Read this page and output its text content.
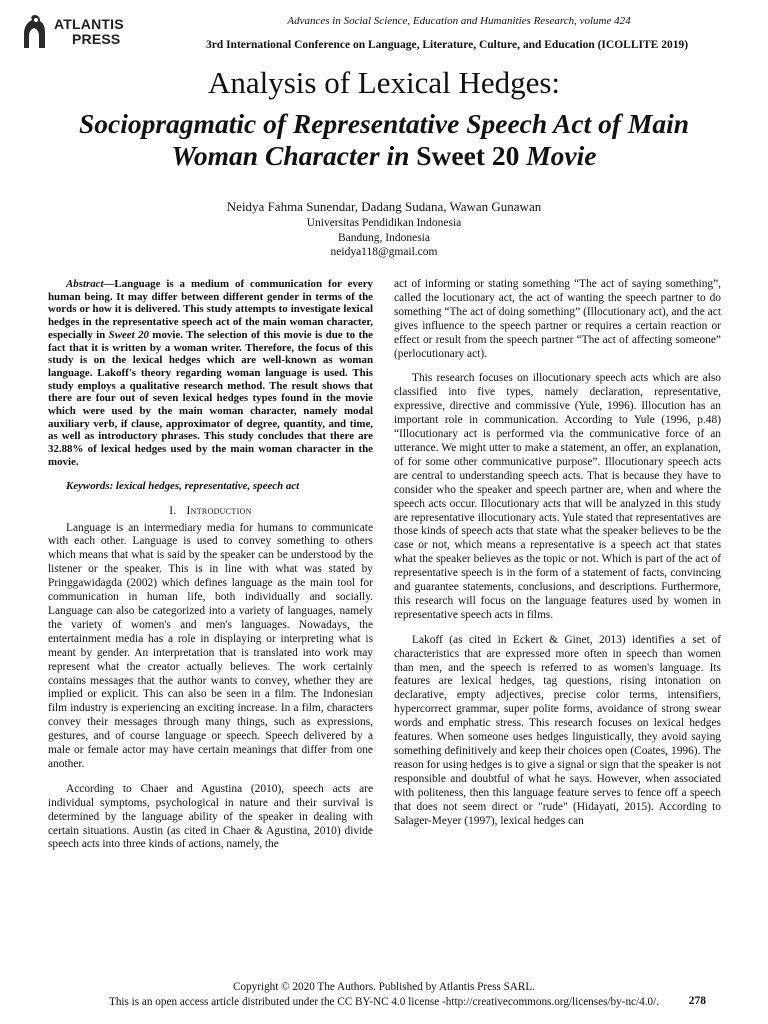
ATLANTIS
PRESS
Advances in Social Science, Education and Humanities Research, volume 424
3rd International Conference on Language, Literature, Culture, and Education (ICOLLITE 2019)
Analysis of Lexical Hedges:
Sociopragmatic of Representative Speech Act of Main Woman Character in Sweet 20 Movie
Neidya Fahma Sunendar, Dadang Sudana, Wawan Gunawan
Universitas Pendidikan Indonesia
Bandung, Indonesia
neidya118@gmail.com

Abstract—Language is a medium of communication for every human being. It may differ between different gender in terms of the words or how it is delivered. This study attempts to investigate lexical hedges in the representative speech act of the main woman character, especially in Sweet 20 movie. The selection of this movie is due to the fact that it is written by a woman writer. Therefore, the focus of this study is on the lexical hedges which are well-known as woman language. Lakoff's theory regarding woman language is used. This study employs a qualitative research method. The result shows that there are four out of seven lexical hedges types found in the movie which were used by the main woman character, namely modal auxiliary verb, if clause, approximator of degree, quantity, and time, as well as introductory phrases. This study concludes that there are 32.88% of lexical hedges used by the main woman character in the movie.

Keywords: lexical hedges, representative, speech act

I. Introduction

Language is an intermediary media for humans to communicate with each other. Language is used to convey something to others which means that what is said by the speaker can be understood by the listener or the speaker. This is in line with what was stated by Pringgawidagda (2002) which defines language as the main tool for communication in human life, both individually and socially. Language can also be categorized into a variety of languages, namely the variety of women's and men's languages. Nowadays, the entertainment media has a role in displaying or interpreting what is meant by gender. An interpretation that is translated into work may represent what the creator actually believes. The work certainly contains messages that the author wants to convey, whether they are implied or explicit. This can also be seen in a film. The Indonesian film industry is experiencing an exciting increase. In a film, characters convey their messages through many things, such as expressions, gestures, and of course language or speech. Speech delivered by a male or female actor may have certain meanings that differ from one another.

According to Chaer and Agustina (2010), speech acts are individual symptoms, psychological in nature and their survival is determined by the language ability of the speaker in dealing with certain situations. Austin (as cited in Chaer & Agustina, 2010) divide speech acts into three kinds of actions, namely, the

act of informing or stating something “The act of saying something”, called the locutionary act, the act of wanting the speech partner to do something “The act of doing something” (Illocutionary act), and the act gives influence to the speech partner or requires a certain reaction or effect or result from the speech partner “The act of affecting someone” (perlocutionary act).

This research focuses on illocutionary speech acts which are also classified into five types, namely declaration, representative, expressive, directive and commissive (Yule, 1996). Illocution has an important role in communication. According to Yule (1996, p.48) “Illocutionary act is performed via the communicative force of an utterance. We might utter to make a statement, an offer, an explanation, of for some other communicative purpose”. Illocutionary speech acts are central to understanding speech acts. That is because they have to consider who the speaker and speech partner are, when and where the speech acts occur. Illocutionary acts that will be analyzed in this study are representative illocutionary acts. Yule stated that representatives are those kinds of speech acts that state what the speaker believes to be the case or not, which means a representative is a speech act that states what the speaker believes as the topic or not. Which is part of the act of representative speech is in the form of a statement of facts, convincing and guarantee statements, conclusions, and descriptions. Furthermore, this research will focus on the language features used by women in representative speech acts in films.

Lakoff (as cited in Eckert & Ginet, 2013) identifies a set of characteristics that are expressed more often in speech than women than men, and the speech is referred to as women's language. Its features are lexical hedges, tag questions, rising intonation on declarative, empty adjectives, precise color terms, intensifiers, hypercorrect grammar, super polite forms, avoidance of strong swear words and emphatic stress. This research focuses on lexical hedges features. When someone uses hedges linguistically, they avoid saying something definitively and keep their choices open (Coates, 1996). The reason for using hedges is to give a signal or sign that the speaker is not responsible and doubtful of what he says. However, when associated with politeness, then this language feature serves to fence off a speech that does not seem direct or "rude" (Hidayati, 2015). According to Salager-Meyer (1997), lexical hedges can

Copyright © 2020 The Authors. Published by Atlantis Press SARL.
This is an open access article distributed under the CC BY-NC 4.0 license -http://creativecommons.org/licenses/by-nc/4.0/.	278
